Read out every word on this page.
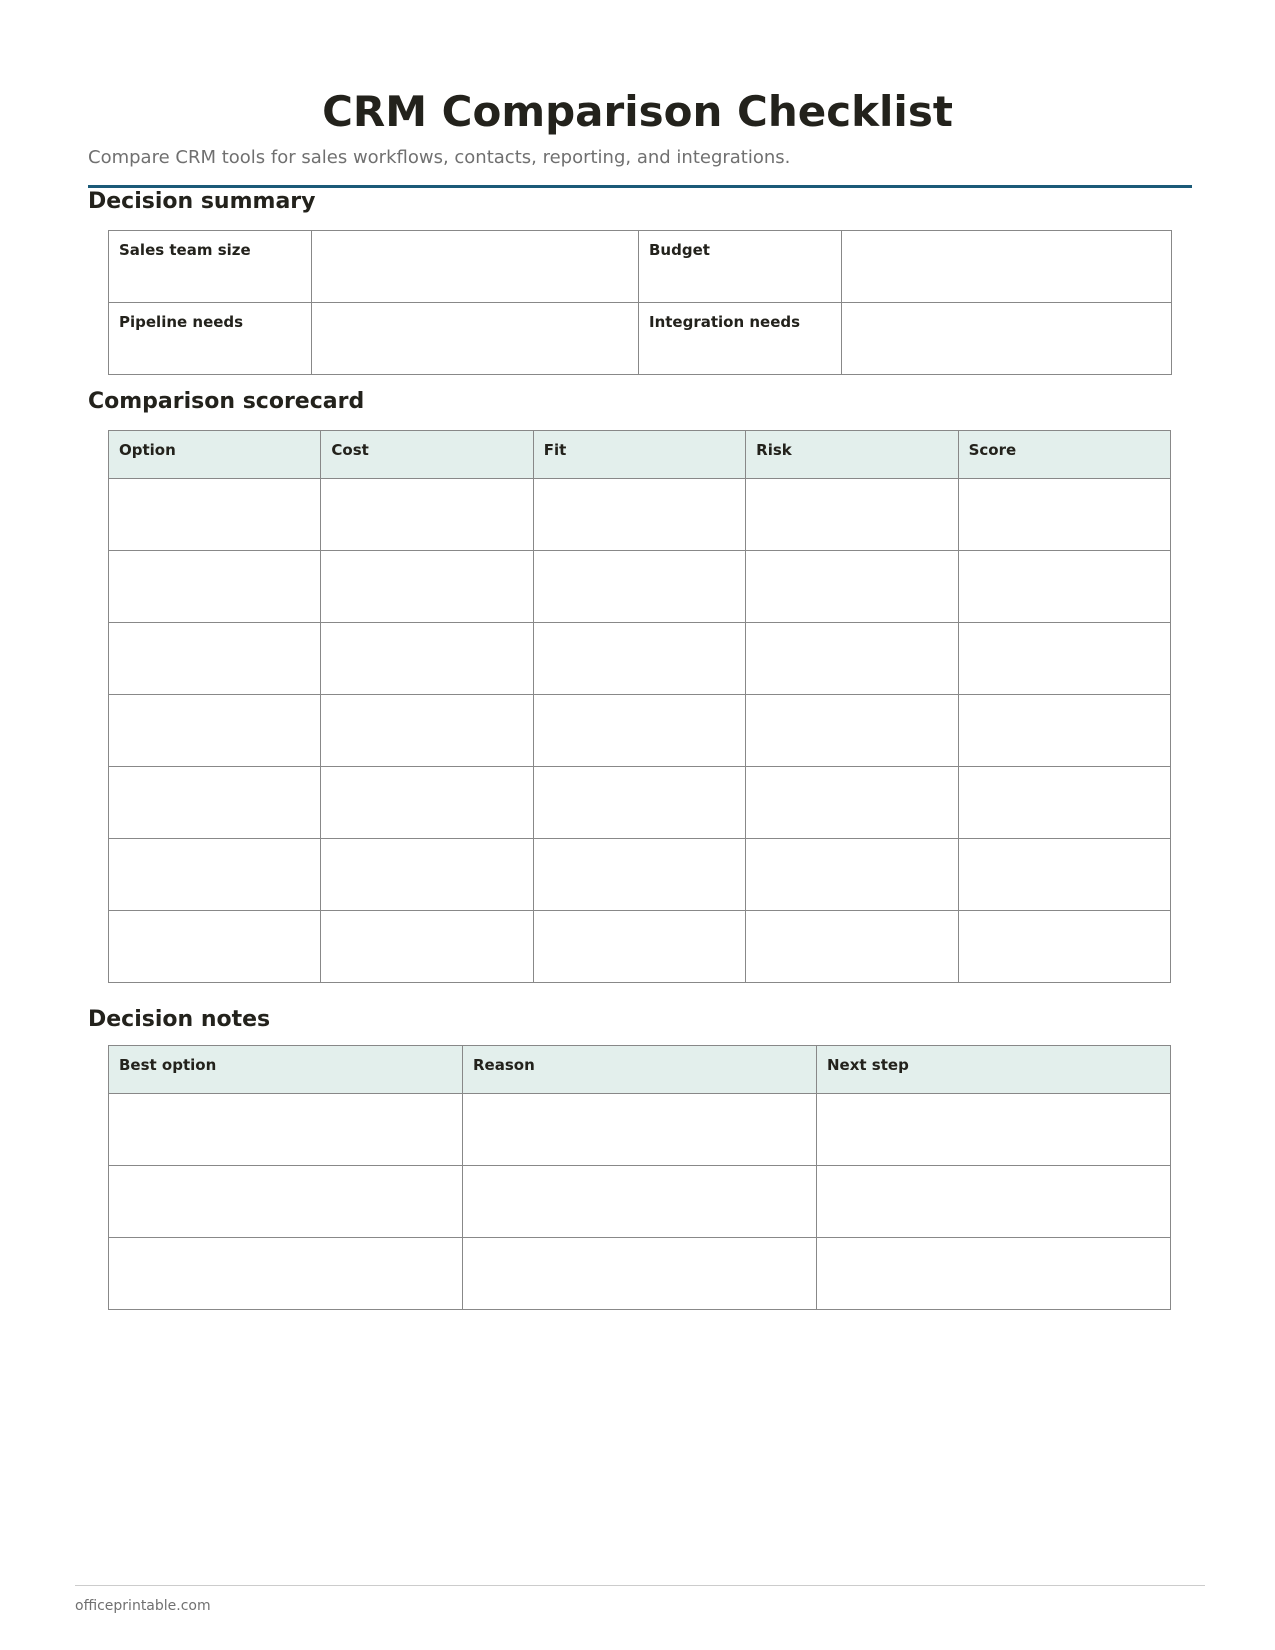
CRM Comparison Checklist

Compare CRM tools for sales workflows, contacts, reporting, and integrations.

Decision summary
Sales team size		Budget	
Pipeline needs		Integration needs	
Comparison scorecard
Option	Cost	Fit	Risk	Score

Decision notes
Best option	Reason	Next step

officeprintable.com
